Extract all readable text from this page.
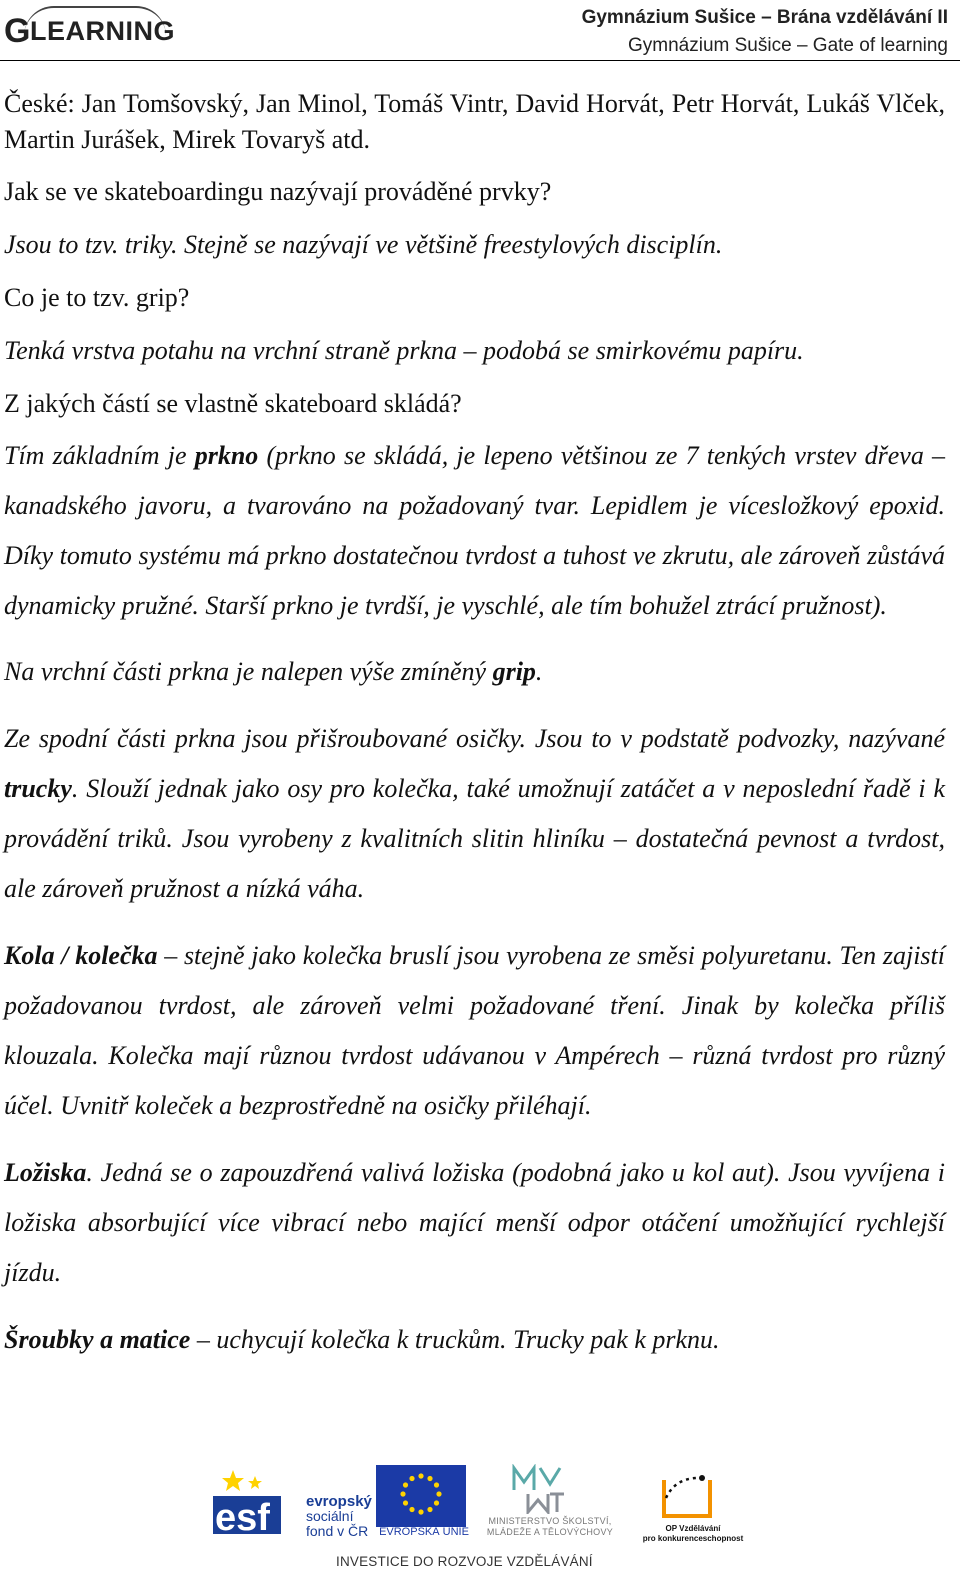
G LEARNING	Gymnázium Sušice – Brána vzdělávání II
Gymnázium Sušice – Gate of learning

České: Jan Tomšovský, Jan Minol, Tomáš Vintr, David Horvát, Petr Horvát, Lukáš Vlček, Martin Jurášek, Mirek Tovaryš atd.

Jak se ve skateboardingu nazývají prováděné prvky?

Jsou to tzv. triky. Stejně se nazývají ve většině freestylových disciplín.

Co je to tzv. grip?

Tenká vrstva potahu na vrchní straně prkna – podobá se smirkovému papíru.

Z jakých částí se vlastně skateboard skládá?

Tím základním je prkno (prkno se skládá, je lepeno většinou ze 7 tenkých vrstev dřeva – kanadského javoru, a tvarováno na požadovaný tvar. Lepidlem je vícesložkový epoxid. Díky tomuto systému má prkno dostatečnou tvrdost a tuhost ve zkrutu, ale zároveň zůstává dynamicky pružné. Starší prkno je tvrdší, je vyschlé, ale tím bohužel ztrácí pružnost).

Na vrchní části prkna je nalepen výše zmíněný grip.

Ze spodní části prkna jsou přišroubované osičky. Jsou to v podstatě podvozky, nazývané trucky. Slouží jednak jako osy pro kolečka, také umožnují zatáčet a v neposlední řadě i k provádění triků. Jsou vyrobeny z kvalitních slitin hliníku – dostatečná pevnost a tvrdost, ale zároveň pružnost a nízká váha.

Kola / kolečka – stejně jako kolečka bruslí jsou vyrobena ze směsi polyuretanu. Ten zajistí požadovanou tvrdost, ale zároveň velmi požadované tření. Jinak by kolečka příliš klouzala. Kolečka mají různou tvrdost udávanou v Ampérech – různá tvrdost pro různý účel. Uvnitř koleček a bezprostředně na osičky přiléhají.

Ložiska. Jedná se o zapouzdřená valivá ložiska (podobná jako u kol aut). Jsou vyvíjena i ložiska absorbující více vibrací nebo mající menší odpor otáčení umožňující rychlejší jízdu.

Šroubky a matice – uchycují kolečka k truckům. Trucky pak k prknu.

esf evropský
sociální
fond v ČR EVROPSKÁ UNIE
MINISTERSTVO ŠKOLSTVÍ,
MLÁDEŽE A TĚLOVÝCHOVY	OP Vzdělávání
pro konkurenceschopnost
INVESTICE DO ROZVOJE VZDĚLÁVÁNÍ
